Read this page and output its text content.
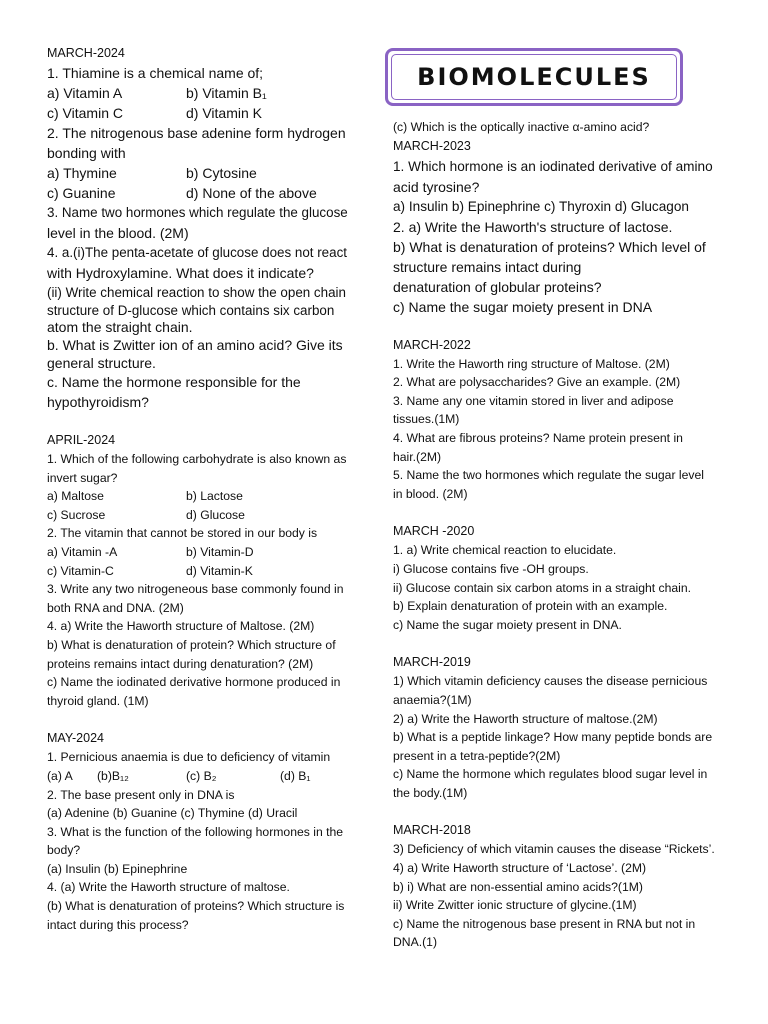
BIOMOLECULES
MARCH-2024
1. Thiamine is a chemical name of;
a) Vitamin A	b) Vitamin B₁
c) Vitamin C	d) Vitamin K
2. The nitrogenous base adenine form hydrogen
bonding with
a) Thymine	b) Cytosine
c) Guanine	d) None of the above
3. Name two hormones which regulate the glucose
level in the blood. (2M)
4. a.(i)The penta-acetate of glucose does not react
with Hydroxylamine. What does it indicate?
(ii) Write chemical reaction to show the open chain
structure of D-glucose which contains six carbon
atom the straight chain.
b. What is Zwitter ion of an amino acid? Give its
general structure.
c. Name the hormone responsible for the
hypothyroidism?
APRIL-2024
1. Which of the following carbohydrate is also known as
invert sugar?
a) Maltose	b) Lactose
c) Sucrose	d) Glucose
2. The vitamin that cannot be stored in our body is
a) Vitamin -A	b) Vitamin-D
c) Vitamin-C	d) Vitamin-K
3. Write any two nitrogeneous base commonly found in
both RNA and DNA. (2M)
4. a) Write the Haworth structure of Maltose. (2M)
b) What is denaturation of protein? Which structure of
proteins remains intact during denaturation? (2M)
c) Name the iodinated derivative hormone produced in
thyroid gland. (1M)
MAY-2024
1. Pernicious anaemia is due to deficiency of vitamin
(a) A	(b)B₁₂	(c) B₂	(d) B₁
2. The base present only in DNA is
(a) Adenine (b) Guanine (c) Thymine (d) Uracil
3. What is the function of the following hormones in the
body?
(a) Insulin (b) Epinephrine
4. (a) Write the Haworth structure of maltose.
(b) What is denaturation of proteins? Which structure is
intact during this process?
(c) Which is the optically inactive α-amino acid?
MARCH-2023
1. Which hormone is an iodinated derivative of amino
acid tyrosine?
a) Insulin b) Epinephrine c) Thyroxin d) Glucagon
2. a) Write the Haworth's structure of lactose.
b) What is denaturation of proteins? Which level of
structure remains intact during
denaturation of globular proteins?
c) Name the sugar moiety present in DNA
MARCH-2022
1. Write the Haworth ring structure of Maltose. (2M)
2. What are polysaccharides? Give an example. (2M)
3. Name any one vitamin stored in liver and adipose
tissues.(1M)
4. What are fibrous proteins? Name protein present in
hair.(2M)
5. Name the two hormones which regulate the sugar level
in blood. (2M)
MARCH -2020
1. a) Write chemical reaction to elucidate.
i) Glucose contains five -OH groups.
ii) Glucose contain six carbon atoms in a straight chain.
b) Explain denaturation of protein with an example.
c) Name the sugar moiety present in DNA.
MARCH-2019
1) Which vitamin deficiency causes the disease pernicious
anaemia?(1M)
2) a) Write the Haworth structure of maltose.(2M)
b) What is a peptide linkage? How many peptide bonds are
present in a tetra-peptide?(2M)
c) Name the hormone which regulates blood sugar level in
the body.(1M)
MARCH-2018
3) Deficiency of which vitamin causes the disease “Rickets’.
4) a) Write Haworth structure of ‘Lactose’. (2M)
b) i) What are non-essential amino acids?(1M)
ii) Write Zwitter ionic structure of glycine.(1M)
c) Name the nitrogenous base present in RNA but not in
DNA.(1)
